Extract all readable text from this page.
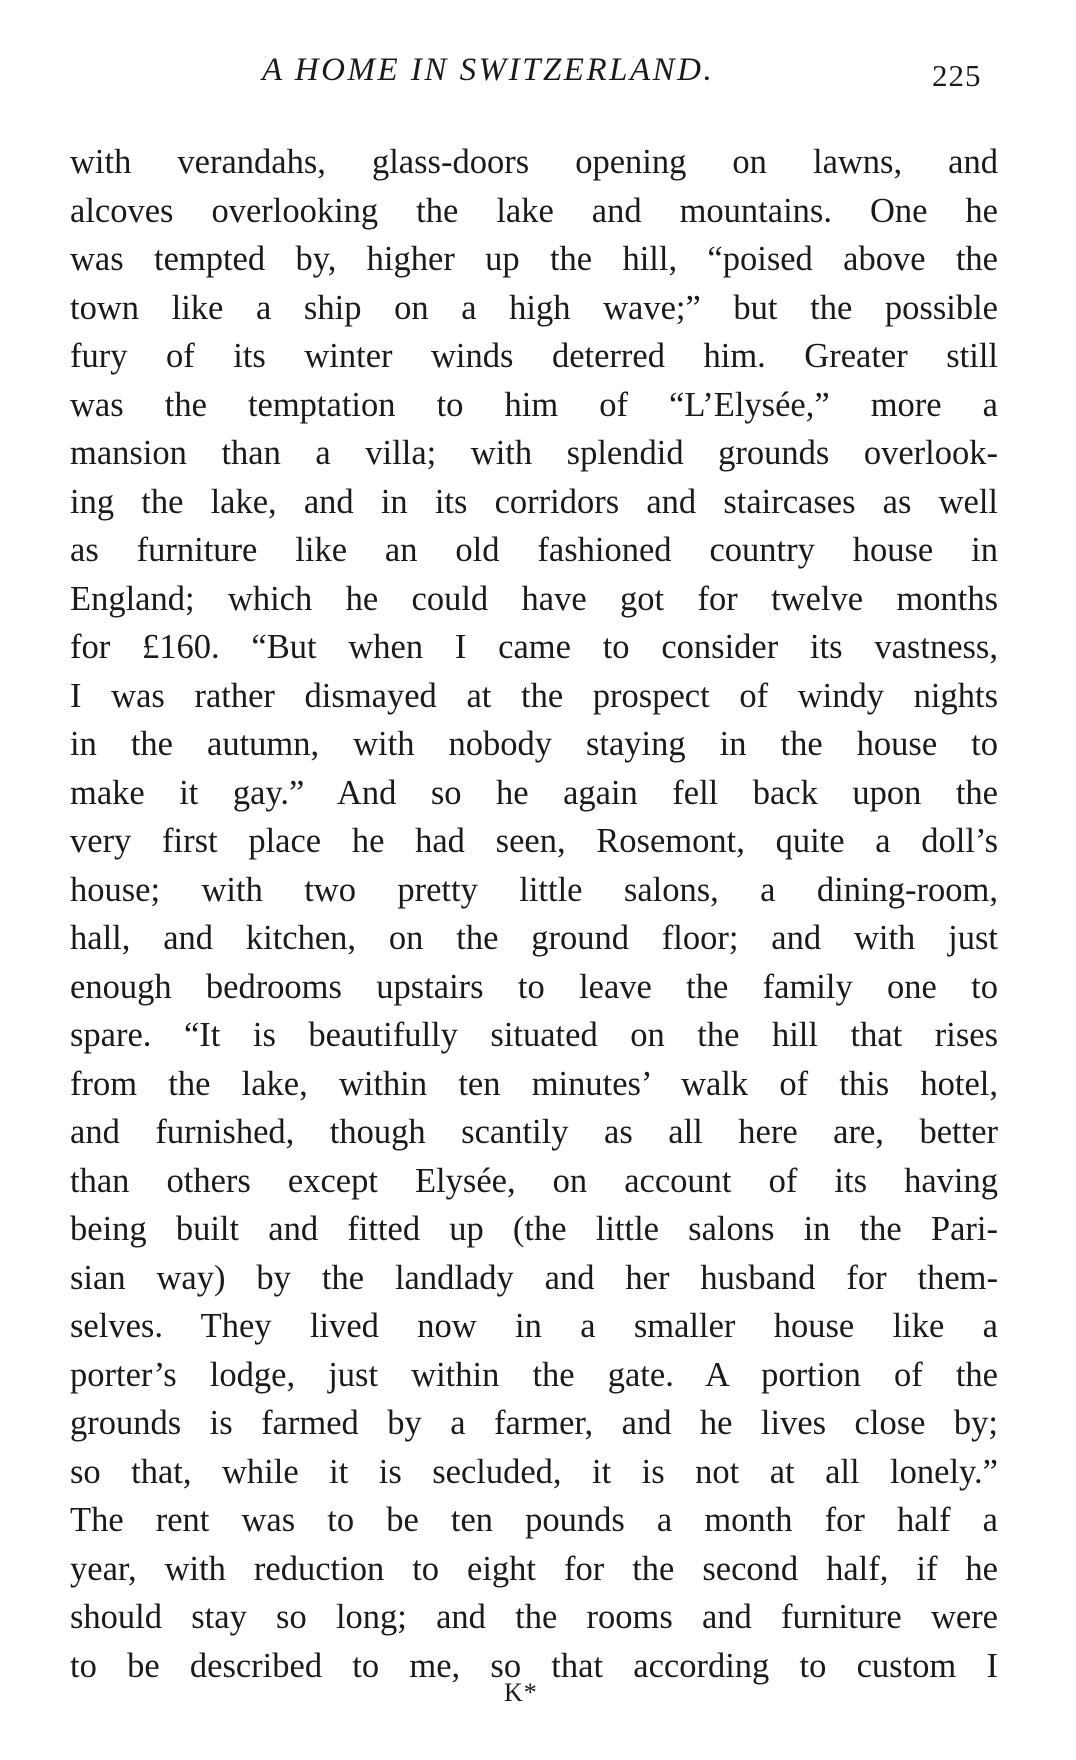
A HOME IN SWITZERLAND.	225
with verandahs, glass-doors opening on lawns, and
alcoves overlooking the lake and mountains. One he
was tempted by, higher up the hill, “poised above the
town like a ship on a high wave;” but the possible
fury of its winter winds deterred him. Greater still
was the temptation to him of “L’Elysée,” more a
mansion than a villa; with splendid grounds overlook-
ing the lake, and in its corridors and staircases as well
as furniture like an old fashioned country house in
England; which he could have got for twelve months
for £160. “But when I came to consider its vastness,
I was rather dismayed at the prospect of windy nights
in the autumn, with nobody staying in the house to
make it gay.” And so he again fell back upon the
very first place he had seen, Rosemont, quite a doll’s
house; with two pretty little salons, a dining-room,
hall, and kitchen, on the ground floor; and with just
enough bedrooms upstairs to leave the family one to
spare. “It is beautifully situated on the hill that rises
from the lake, within ten minutes’ walk of this hotel,
and furnished, though scantily as all here are, better
than others except Elysée, on account of its having
being built and fitted up (the little salons in the Pari-
sian way) by the landlady and her husband for them-
selves. They lived now in a smaller house like a
porter’s lodge, just within the gate. A portion of the
grounds is farmed by a farmer, and he lives close by;
so that, while it is secluded, it is not at all lonely.”
The rent was to be ten pounds a month for half a
year, with reduction to eight for the second half, if he
should stay so long; and the rooms and furniture were
to be described to me, so that according to custom I
K*
